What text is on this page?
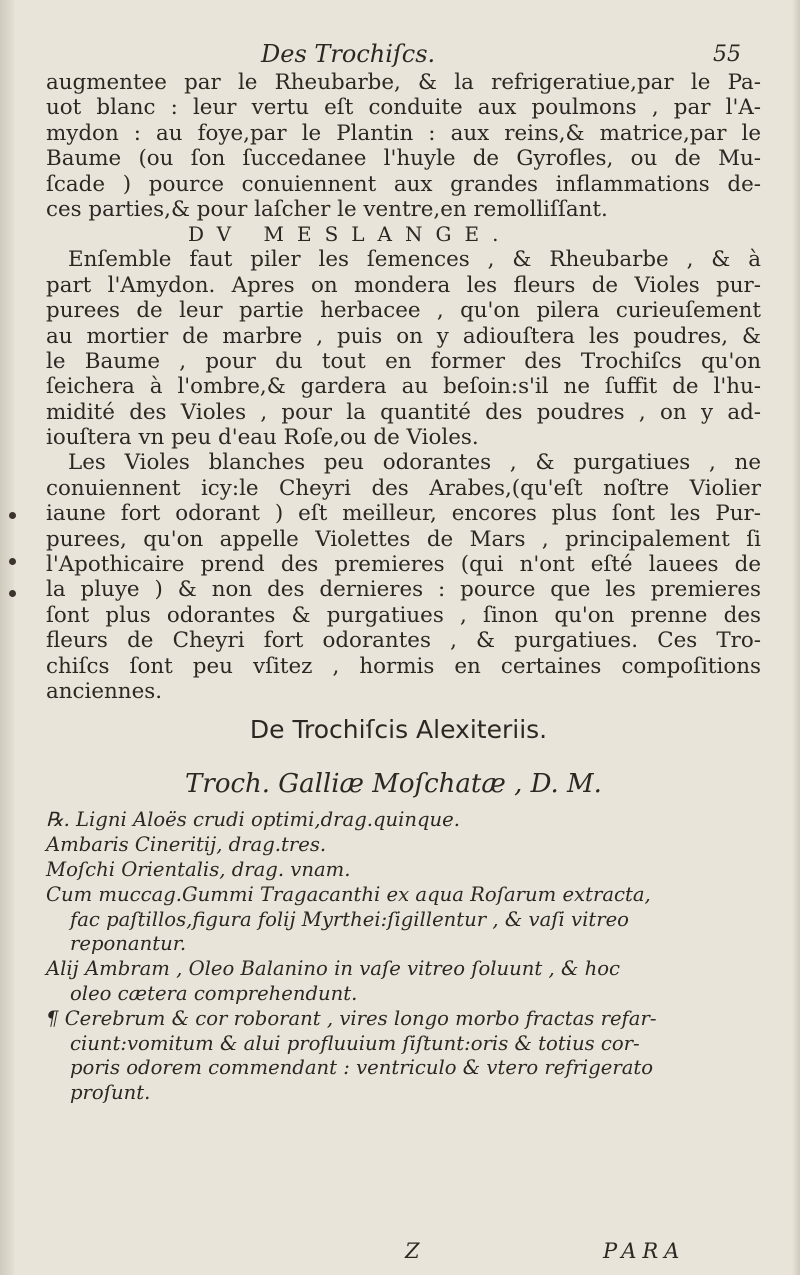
Des Trochiſcs.	55
augmentee par le Rheubarbe, & la refrigeratiue,par le Pa-
uot blanc : leur vertu eſt conduite aux poulmons , par l'A-
mydon : au foye,par le Plantin : aux reins,& matrice,par le
Baume (ou ſon ſuccedanee l'huyle de Gyrofles, ou de Mu-
ſcade ) pource conuiennent aux grandes inflammations de-
ces parties,& pour laſcher le ventre,en remolliſſant.
DV MESLANGE.
Enſemble faut piler les ſemences , & Rheubarbe , & à
part l'Amydon. Apres on mondera les fleurs de Violes pur-
purees de leur partie herbacee , qu'on pilera curieuſement
au mortier de marbre , puis on y adiouſtera les poudres, &
le Baume , pour du tout en former des Trochiſcs qu'on
ſeichera à l'ombre,& gardera au beſoin:s'il ne ſuffit de l'hu-
midité des Violes , pour la quantité des poudres , on y ad-
iouſtera vn peu d'eau Roſe,ou de Violes.
Les Violes blanches peu odorantes , & purgatiues , ne
conuiennent icy:le Cheyri des Arabes,(qu'eſt noſtre Violier
iaune fort odorant ) eſt meilleur, encores plus ſont les Pur-
purees, qu'on appelle Violettes de Mars , principalement ſi
l'Apothicaire prend des premieres (qui n'ont eſté lauees de
la pluye ) & non des dernieres : pource que les premieres
ſont plus odorantes & purgatiues , ſinon qu'on prenne des
fleurs de Cheyri fort odorantes , & purgatiues. Ces Tro-
chiſcs ſont peu vſitez , hormis en certaines compoſitions
anciennes.
De Trochiſcis Alexiteriis.
Troch. Galliæ Moſchatæ , D. M.
℞. Ligni Aloës crudi optimi,drag.quinque.
Ambaris Cineritij, drag.tres.
Moſchi Orientalis, drag. vnam.
Cum muccag.Gummi Tragacanthi ex aqua Roſarum extracta,
fac paſtillos,figura folij Myrthei:ſigillentur , & vaſi vitreo
reponantur.
Alij Ambram , Oleo Balanino in vaſe vitreo ſoluunt , & hoc
oleo cætera comprehendunt.
¶ Cerebrum & cor roborant , vires longo morbo fractas refar-
ciunt:vomitum & alui profluuium ſiſtunt:oris & totius cor-
poris odorem commendant : ventriculo & vtero refrigerato
proſunt.
Z	PARA
